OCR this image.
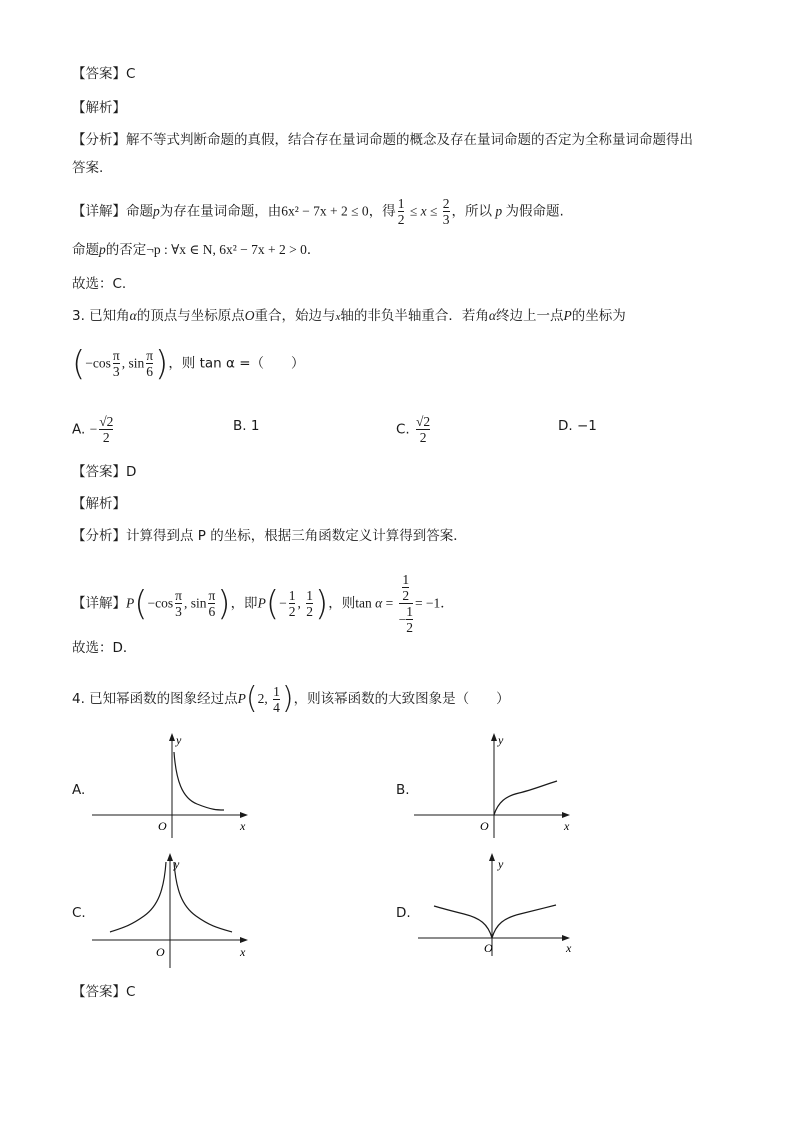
【答案】C
【解析】
【分析】解不等式判断命题的真假，结合存在量词命题的概念及存在量词命题的否定为全称量词命题得出
答案.
【详解】命题p为存在量词命题，由6x² − 7x + 2 ≤ 0，得 $\frac{1}{2} \le x \le \frac{2}{3}$ ，所以 p 为假命题.
命题p的否定¬p : ∀x ∈ N, 6x² − 7x + 2 > 0．
故选：C.
3. 已知角α的顶点与坐标原点O重合，始边与x轴的非负半轴重合．若角α终边上一点P的坐标为
($-\cos \frac{\pi}{3}$ , $\sin \frac{\pi}{6}$ )，则 tan α =（　　）
A. − $\frac{√2}{2}$	B. 1	C. $\frac{√2}{2}$	D. −1
【答案】D
【解析】
【分析】计算得到点 P 的坐标，根据三角函数定义计算得到答案．
【详解】$P(-\cos \frac{\pi}{3}$ , $\sin \frac{\pi}{6}$ )，即$P(- \frac{1}{2}$ , $\frac{1}{2}$ )，则$\tan \alpha = \frac{\frac{1}{2}}{- \frac{1}{2}} = -1$．
故选：D．
4. 已知幂函数的图象经过点P(2, $\frac{1}{4}$ )，则该幂函数的大致图象是（　　）
A.	B.
C.	D.
y
x
O
y
x
O
y
x
O
y
x
O
【答案】C
